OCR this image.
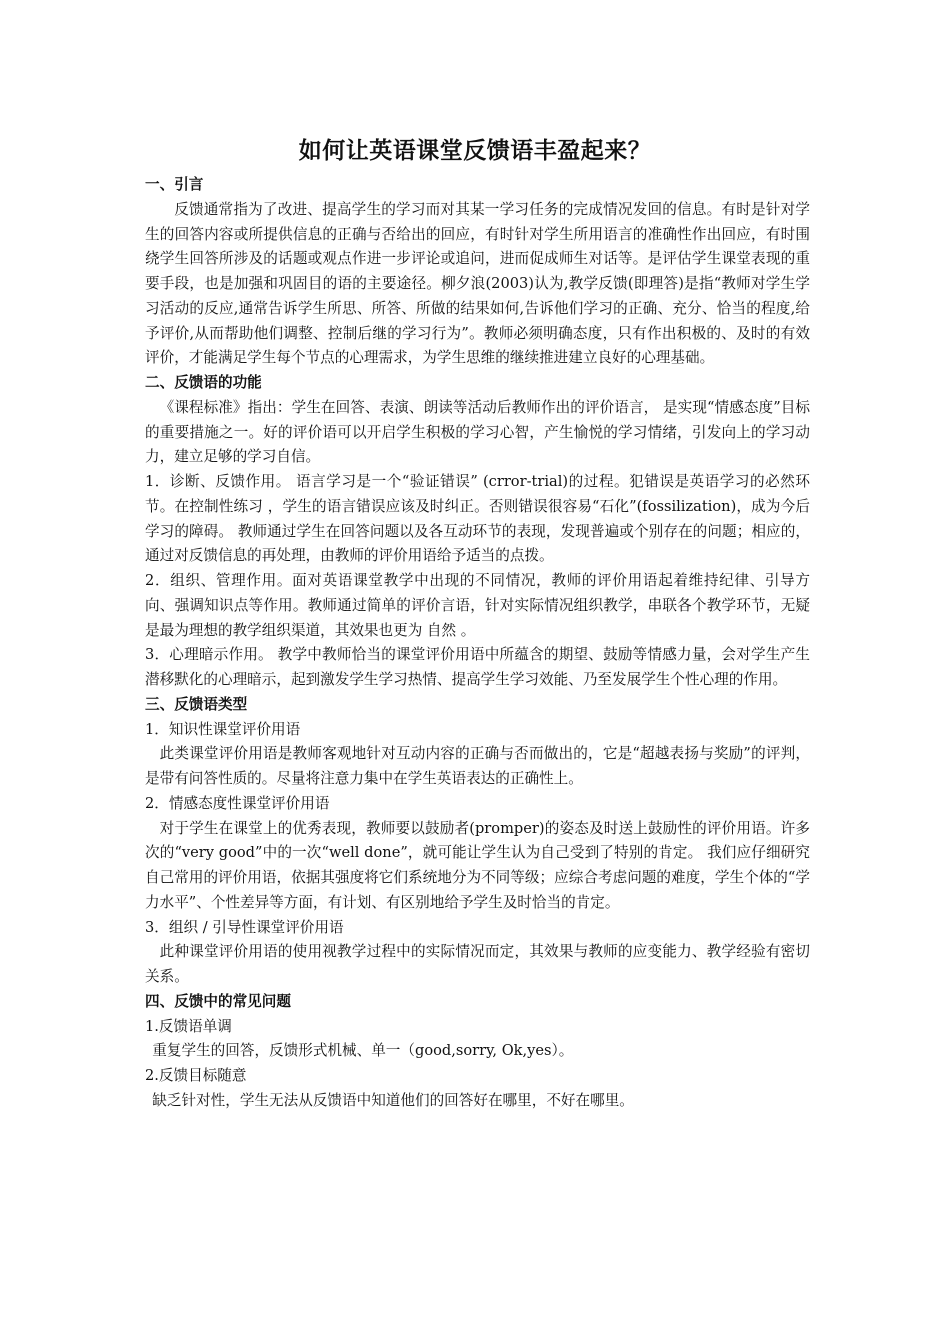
如何让英语课堂反馈语丰盈起来？

一、引言

反馈通常指为了改进、提高学生的学习而对其某一学习任务的完成情况发回的信息。有时是针对学生的回答内容或所提供信息的正确与否给出的回应，有时针对学生所用语言的准确性作出回应，有时围绕学生回答所涉及的话题或观点作进一步评论或追问，进而促成师生对话等。是评估学生课堂表现的重要手段，也是加强和巩固目的语的主要途径。柳夕浪(2003)认为,教学反馈(即理答)是指“教师对学生学习活动的反应,通常告诉学生所思、所答、所做的结果如何,告诉他们学习的正确、充分、恰当的程度,给予评价,从而帮助他们调整、控制后继的学习行为”。教师必须明确态度，只有作出积极的、及时的有效评价，才能满足学生每个节点的心理需求，为学生思维的继续推进建立良好的心理基础。

二、反馈语的功能

《课程标准》指出：学生在回答、表演、朗读等活动后教师作出的评价语言， 是实现“情感态度”目标的重要措施之一。好的评价语可以开启学生积极的学习心智，产生愉悦的学习情绪，引发向上的学习动力，建立足够的学习自信。

1．诊断、反馈作用。 语言学习是一个“验证错误” (crror-trial)的过程。犯错误是英语学习的必然环节。在控制性练习 ，学生的语言错误应该及时纠正。否则错误很容易“石化”(fossilization)，成为今后学习的障碍。 教师通过学生在回答问题以及各互动环节的表现，发现普遍或个别存在的问题；相应的，通过对反馈信息的再处理，由教师的评价用语给予适当的点拨。

2．组织、管理作用。面对英语课堂教学中出现的不同情况，教师的评价用语起着维持纪律、引导方向、强调知识点等作用。教师通过简单的评价言语，针对实际情况组织教学，串联各个教学环节，无疑是最为理想的教学组织渠道，其效果也更为 自然 。

3．心理暗示作用。 教学中教师恰当的课堂评价用语中所蕴含的期望、鼓励等情感力量，会对学生产生潜移默化的心理暗示，起到激发学生学习热情、提高学生学习效能、乃至发展学生个性心理的作用。

三、反馈语类型

1．知识性课堂评价用语

此类课堂评价用语是教师客观地针对互动内容的正确与否而做出的，它是“超越表扬与奖励”的评判，是带有问答性质的。尽量将注意力集中在学生英语表达的正确性上。

2．情感态度性课堂评价用语

对于学生在课堂上的优秀表现，教师要以鼓励者(promper)的姿态及时送上鼓励性的评价用语。许多次的“very good”中的一次“well done”，就可能让学生认为自己受到了特别的肯定。 我们应仔细研究自己常用的评价用语，依据其强度将它们系统地分为不同等级；应综合考虑问题的难度，学生个体的“学力水平”、个性差异等方面，有计划、有区别地给予学生及时恰当的肯定。

3．组织 / 引导性课堂评价用语

此种课堂评价用语的使用视教学过程中的实际情况而定，其效果与教师的应变能力、教学经验有密切关系。

四、反馈中的常见问题

1.反馈语单调

重复学生的回答，反馈形式机械、单一（good,sorry, Ok,yes）。

2.反馈目标随意

缺乏针对性，学生无法从反馈语中知道他们的回答好在哪里，不好在哪里。
